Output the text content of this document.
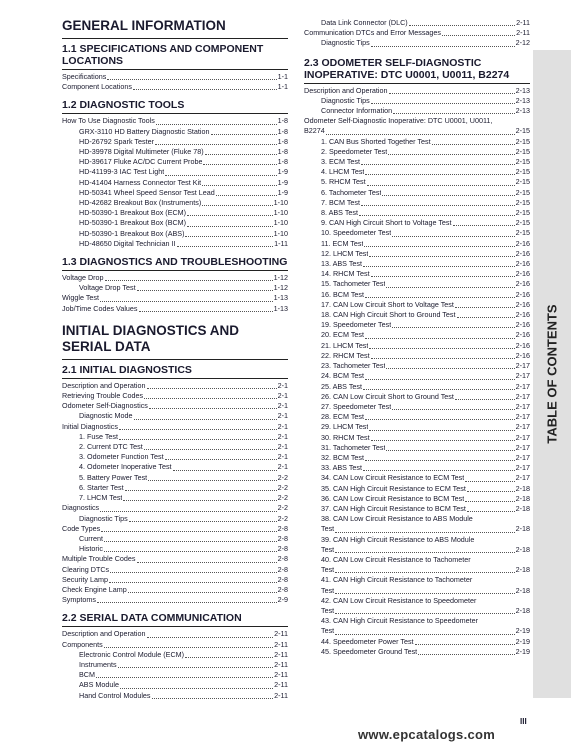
GENERAL INFORMATION
1.1 SPECIFICATIONS AND COMPONENT LOCATIONS
Specifications	1-1
Component Locations	1-1
1.2 DIAGNOSTIC TOOLS
How To Use Diagnostic Tools	1-8
GRX-3110 HD Battery Diagnostic Station	1-8
HD-26792 Spark Tester	1-8
HD-39978 Digital Multimeter (Fluke 78)	1-8
HD-39617 Fluke AC/DC Current Probe	1-8
HD-41199-3 IAC Test Light	1-9
HD-41404 Harness Connector Test Kit	1-9
HD-50341 Wheel Speed Sensor Test Lead	1-9
HD-42682 Breakout Box (Instruments)	1-10
HD-50390-1 Breakout Box (ECM)	1-10
HD-50390-1 Breakout Box (BCM)	1-10
HD-50390-1 Breakout Box (ABS)	1-10
HD-48650 Digital Technician II	1-11
1.3 DIAGNOSTICS AND TROUBLESHOOTING
Voltage Drop	1-12
Voltage Drop Test	1-12
Wiggle Test	1-13
Job/Time Codes Values	1-13
INITIAL DIAGNOSTICS AND SERIAL DATA
2.1 INITIAL DIAGNOSTICS
Description and Operation	2-1
Retrieving Trouble Codes	2-1
Odometer Self-Diagnostics	2-1
Diagnostic Mode	2-1
Initial Diagnostics	2-1
1. Fuse Test	2-1
2. Current DTC Test	2-1
3. Odometer Function Test	2-1
4. Odometer Inoperative Test	2-1
5. Battery Power Test	2-2
6. Starter Test	2-2
7. LHCM Test	2-2
Diagnostics	2-2
Diagnostic Tips	2-2
Code Types	2-8
Current	2-8
Historic	2-8
Multiple Trouble Codes	2-8
Clearing DTCs	2-8
Security Lamp	2-8
Check Engine Lamp	2-8
Symptoms	2-9
2.2 SERIAL DATA COMMUNICATION
Description and Operation	2-11
Components	2-11
Electronic Control Module (ECM)	2-11
Instruments	2-11
BCM	2-11
ABS Module	2-11
Hand Control Modules	2-11
Data Link Connector (DLC)	2-11
Communication DTCs and Error Messages	2-11
Diagnostic Tips	2-12
2.3 ODOMETER SELF-DIAGNOSTIC INOPERATIVE: DTC U0001, U0011, B2274
Description and Operation	2-13
Diagnostic Tips	2-13
Connector Information	2-13
Odometer Self-Diagnostic Inoperative: DTC U0001, U0011,
B2274	2-15
1. CAN Bus Shorted Together Test	2-15
2. Speedometer Test	2-15
3. ECM Test	2-15
4. LHCM Test	2-15
5. RHCM Test	2-15
6. Tachometer Test	2-15
7. BCM Test	2-15
8. ABS Test	2-15
9. CAN High Circuit Short to Voltage Test	2-15
10. Speedometer Test	2-15
11. ECM Test	2-16
12. LHCM Test	2-16
13. ABS Test	2-16
14. RHCM Test	2-16
15. Tachometer Test	2-16
16. BCM Test	2-16
17. CAN Low Circuit Short to Voltage Test	2-16
18. CAN High Circuit Short to Ground Test	2-16
19. Speedometer Test	2-16
20. ECM Test	2-16
21. LHCM Test	2-16
22. RHCM Test	2-16
23. Tachometer Test	2-17
24. BCM Test	2-17
25. ABS Test	2-17
26. CAN Low Circuit Short to Ground Test	2-17
27. Speedometer Test	2-17
28. ECM Test	2-17
29. LHCM Test	2-17
30. RHCM Test	2-17
31. Tachometer Test	2-17
32. BCM Test	2-17
33. ABS Test	2-17
34. CAN Low Circuit Resistance to ECM Test	2-17
35. CAN High Circuit Resistance to ECM Test	2-18
36. CAN Low Circuit Resistance to BCM Test	2-18
37. CAN High Circuit Resistance to BCM Test	2-18
38. CAN Low Circuit Resistance to ABS Module
Test	2-18
39. CAN High Circuit Resistance to ABS Module
Test	2-18
40. CAN Low Circuit Resistance to Tachometer
Test	2-18
41. CAN High Circuit Resistance to Tachometer
Test	2-18
42. CAN Low Circuit Resistance to Speedometer
Test	2-18
43. CAN High Circuit Resistance to Speedometer
Test	2-19
44. Speedometer Power Test	2-19
45. Speedometer Ground Test	2-19
TABLE OF CONTENTS
III
www.epcatalogs.com
